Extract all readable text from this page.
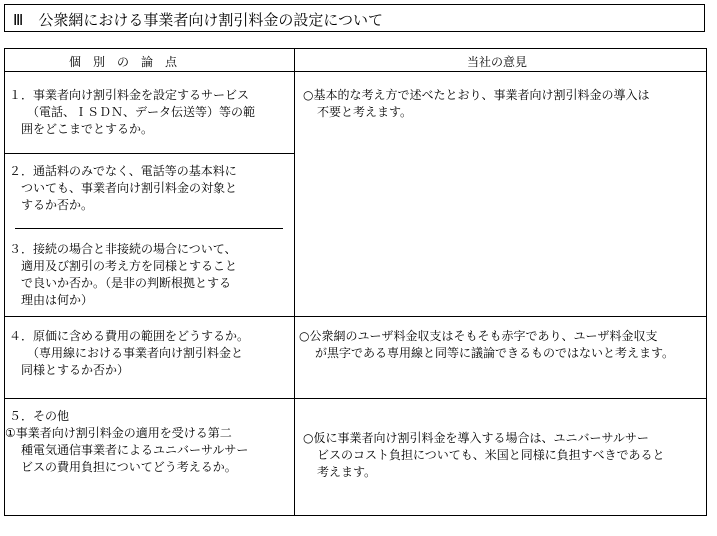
Ⅲ　公衆網における事業者向け割引料金の設定について
個　別　の　論　点	当社の意見
１．事業者向け割引料金を設定するサービス
（電話、ＩＳＤＮ、データ伝送等）等の範
囲をどこまでとするか。
２．通話料のみでなく、電話等の基本料に
ついても、事業者向け割引料金の対象と
するか否か。
３．接続の場合と非接続の場合について、
適用及び割引の考え方を同様とすること
で良いか否か。（是非の判断根拠とする
理由は何か）
４．原価に含める費用の範囲をどうするか。
（専用線における事業者向け割引料金と
同様とするか否か）
５．その他
①事業者向け割引料金の適用を受ける第二
種電気通信事業者によるユニバーサルサー
ビスの費用負担についてどう考えるか。
○基本的な考え方で述べたとおり、事業者向け割引料金の導入は
不要と考えます。
○公衆網のユーザ料金収支はそもそも赤字であり、ユーザ料金収支
が黒字である専用線と同等に議論できるものではないと考えます。
○仮に事業者向け割引料金を導入する場合は、ユニバーサルサー
ビスのコスト負担についても、米国と同様に負担すべきであると
考えます。
